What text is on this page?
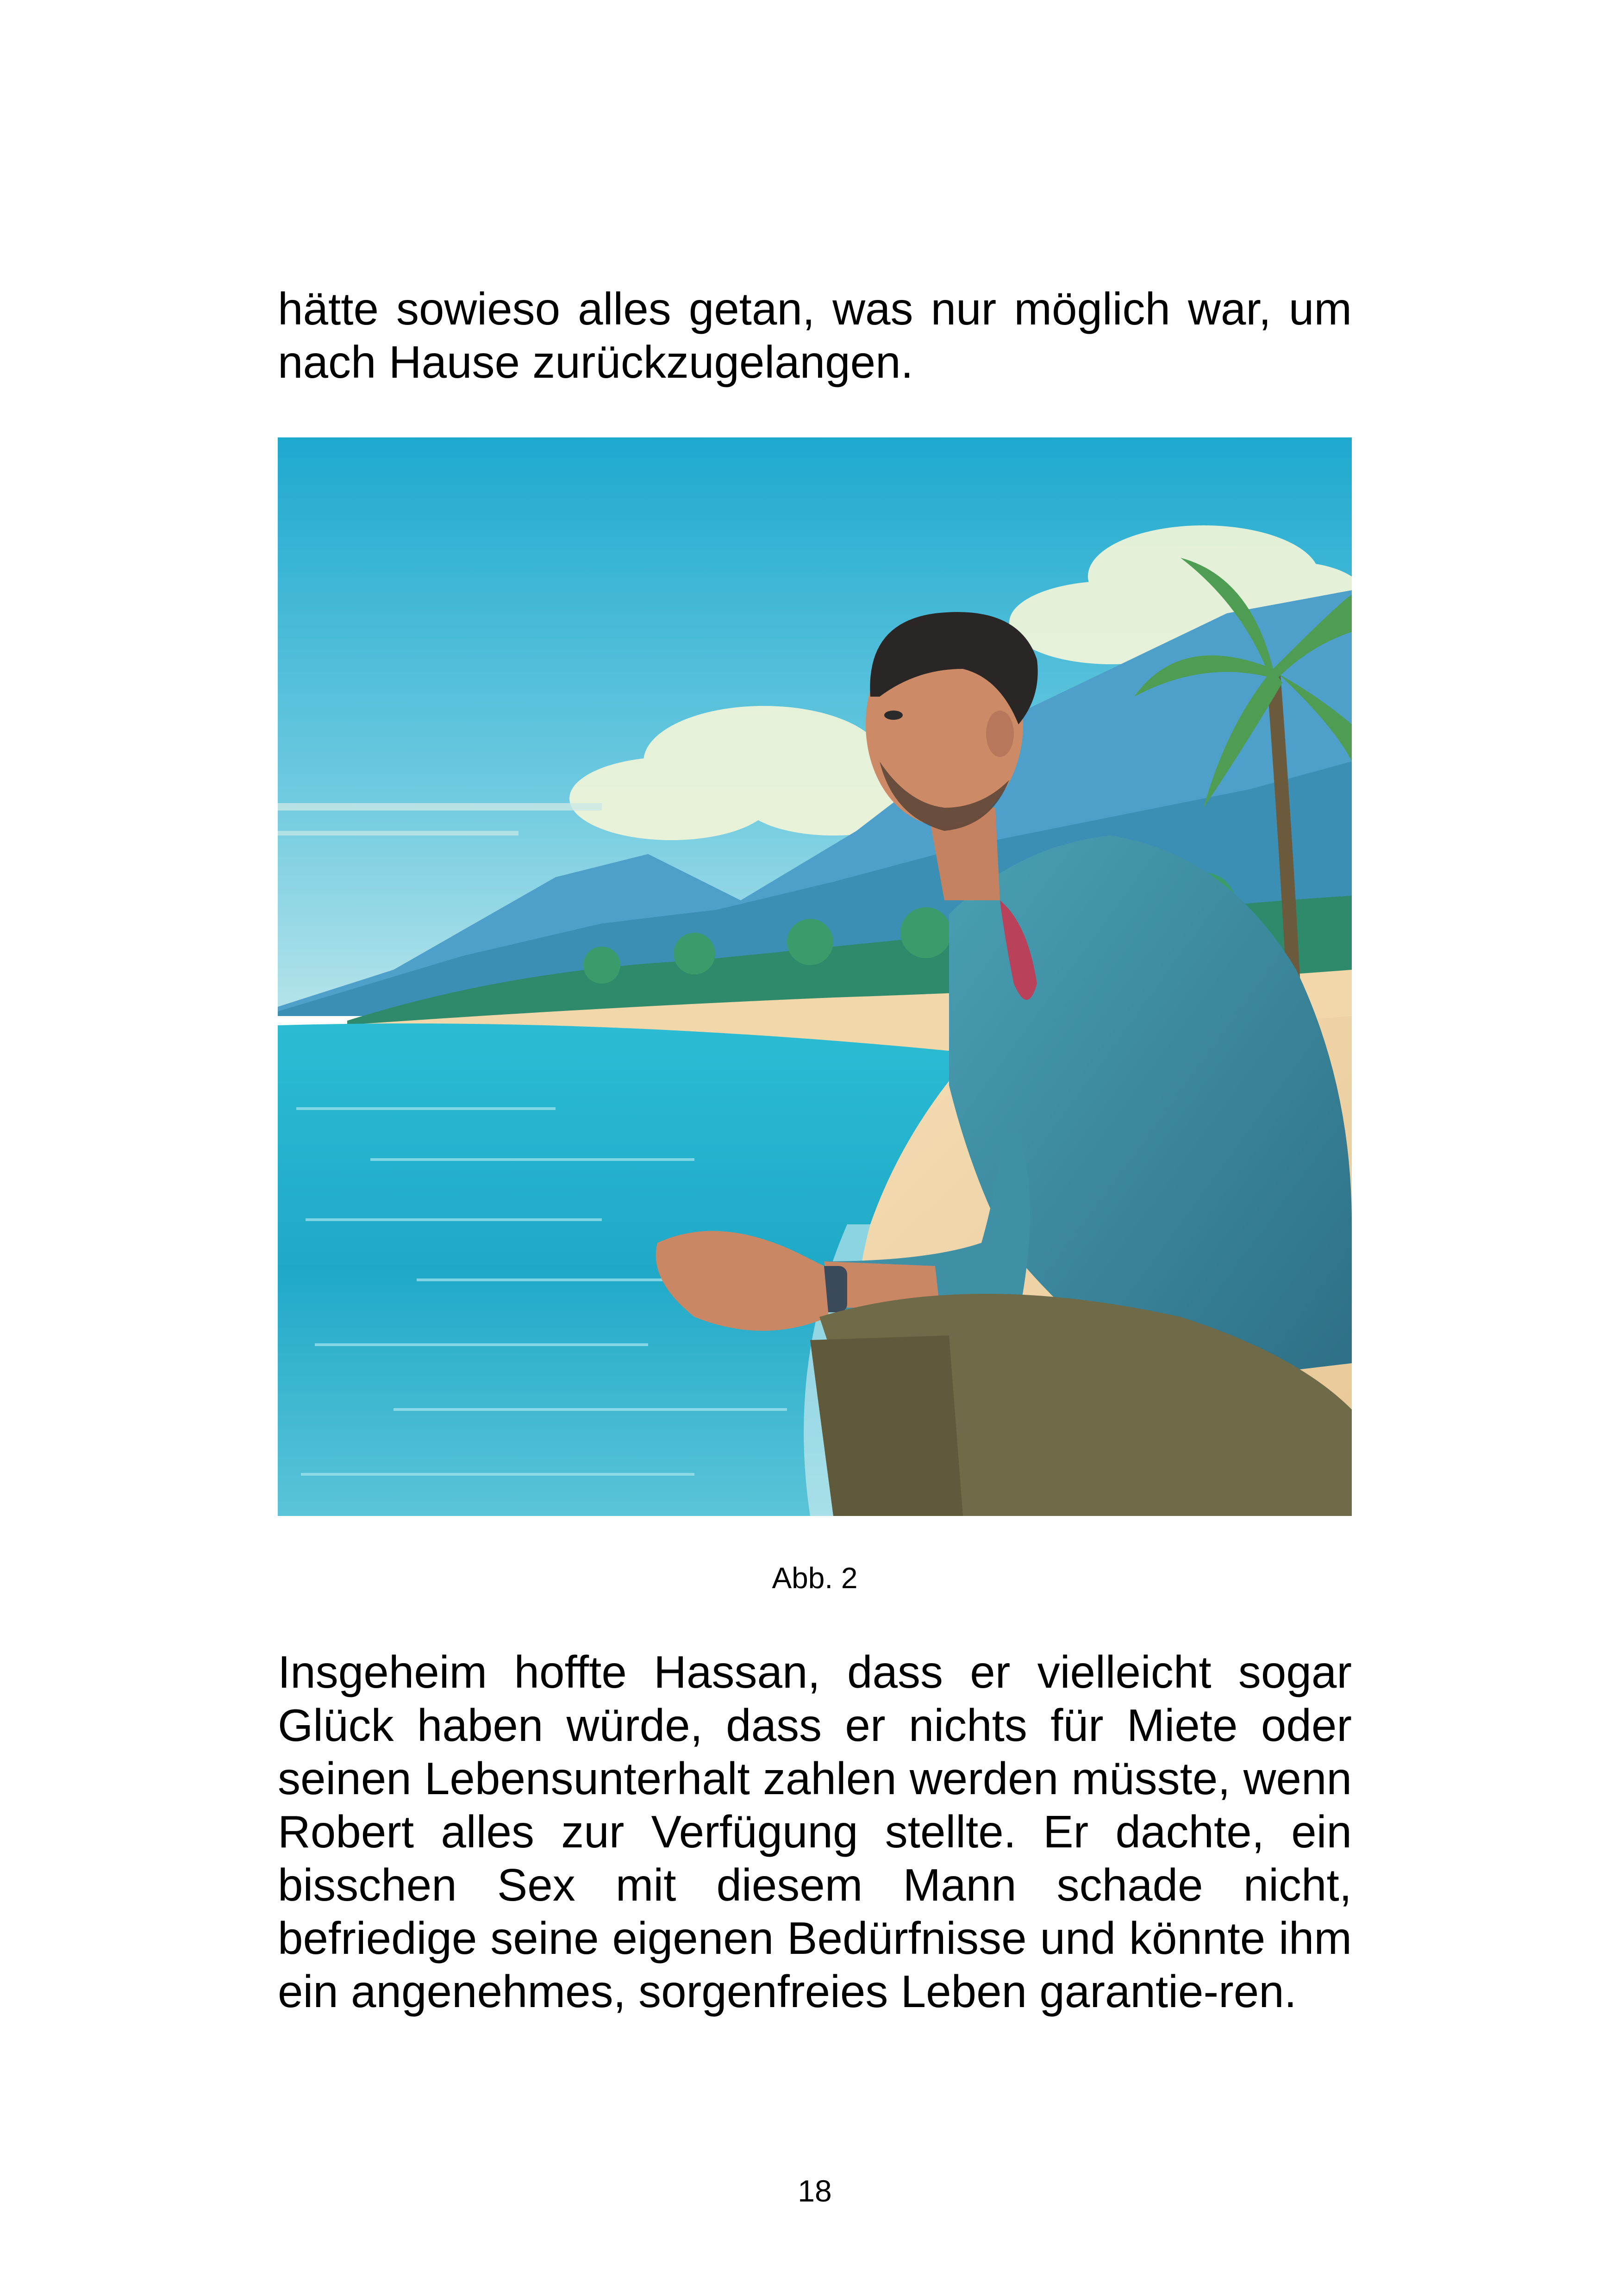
hätte sowieso alles getan, was nur möglich war, um nach Hause zurückzugelangen.

Abb. 2

Insgeheim hoffte Hassan, dass er vielleicht sogar Glück haben würde, dass er nichts für Miete oder seinen Lebensunterhalt zahlen werden müsste, wenn Robert alles zur Verfügung stellte. Er dachte, ein bisschen Sex mit diesem Mann schade nicht, befriedige seine eigenen Bedürfnisse und könnte ihm ein angenehmes, sorgenfreies Leben garantie-ren.

18
